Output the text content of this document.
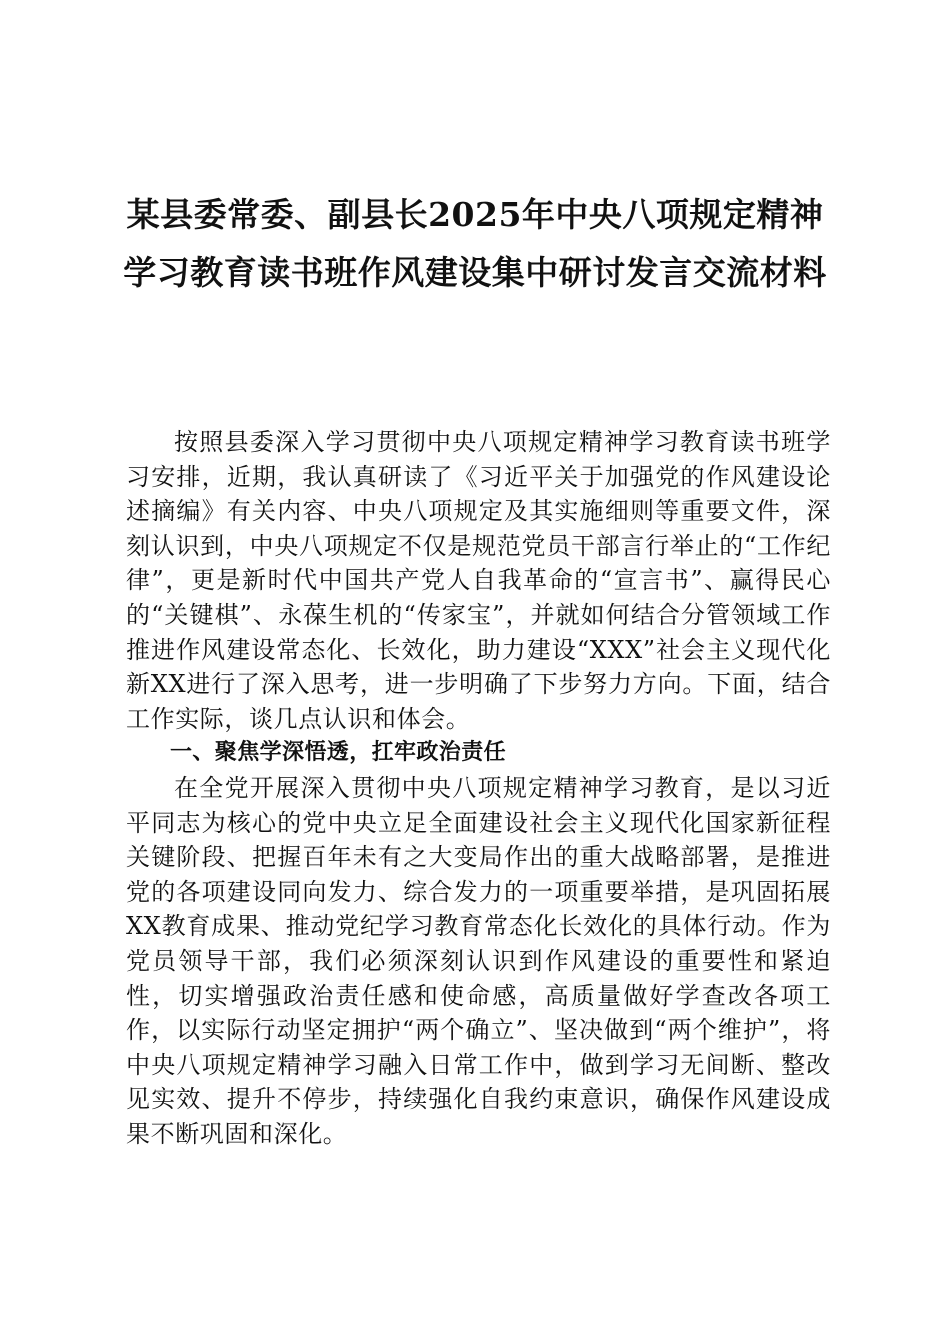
某县委常委、副县长2025年中央八项规定精神学习教育读书班作风建设集中研讨发言交流材料

按照县委深入学习贯彻中央八项规定精神学习教育读书班学习安排，近期，我认真研读了《习近平关于加强党的作风建设论述摘编》有关内容、中央八项规定及其实施细则等重要文件，深刻认识到，中央八项规定不仅是规范党员干部言行举止的“工作纪律”，更是新时代中国共产党人自我革命的“宣言书”、赢得民心的“关键棋”、永葆生机的“传家宝”，并就如何结合分管领域工作推进作风建设常态化、长效化，助力建设“XXX”社会主义现代化新XX进行了深入思考，进一步明确了下步努力方向。下面，结合工作实际，谈几点认识和体会。

一、聚焦学深悟透，扛牢政治责任

在全党开展深入贯彻中央八项规定精神学习教育，是以习近平同志为核心的党中央立足全面建设社会主义现代化国家新征程关键阶段、把握百年未有之大变局作出的重大战略部署，是推进党的各项建设同向发力、综合发力的一项重要举措，是巩固拓展XX教育成果、推动党纪学习教育常态化长效化的具体行动。作为党员领导干部，我们必须深刻认识到作风建设的重要性和紧迫性，切实增强政治责任感和使命感，高质量做好学查改各项工作，以实际行动坚定拥护“两个确立”、坚决做到“两个维护”，将中央八项规定精神学习融入日常工作中，做到学习无间断、整改见实效、提升不停步，持续强化自我约束意识，确保作风建设成果不断巩固和深化。
